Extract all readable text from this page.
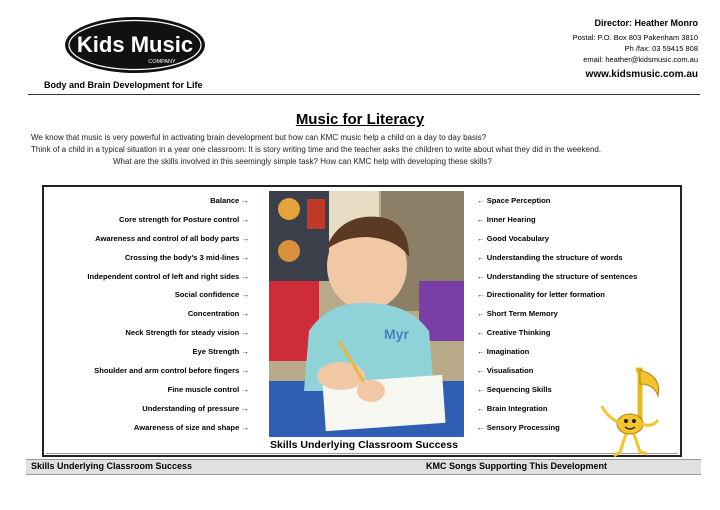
Kids Music
COMPANY
Director: Heather Monro
Postal: P.O. Box 803 Pakenham 3810
Ph /fax: 03 59415 808
email: heather@kidsmusic.com.au
www.kidsmusic.com.au
Body and Brain Development for Life
Music for Literacy
We know that music is very powerful in activating brain development but how can KMC music help a child on a day to day basis?
Think of a child in a typical situation in a year one classroom: It is story writing time and the teacher asks the children to write about what they did in the weekend.
What are the skills involved in this seemingly simple task? How can KMC help with developing these skills?
Balance →
Core strength for Posture control →
Awareness and control of all body parts →
Crossing the body's 3 mid-lines →
Independent control of left and right sides →
Social confidence →
Concentration →
Neck Strength for steady vision →
Eye Strength →
Shoulder and arm control before fingers →
Fine muscle control →
Understanding of pressure →
Awareness of size and shape →
Myr
← Space Perception
← Inner Hearing
← Good Vocabulary
← Understanding the structure of words
← Understanding the structure of sentences
← Directionality for letter formation
← Short Term Memory
← Creative Thinking
← Imagination
← Visualisation
← Sequencing Skills
← Brain Integration
← Sensory Processing
Skills Underlying Classroom Success
Skills Underlying Classroom Success	KMC Songs Supporting This Development
